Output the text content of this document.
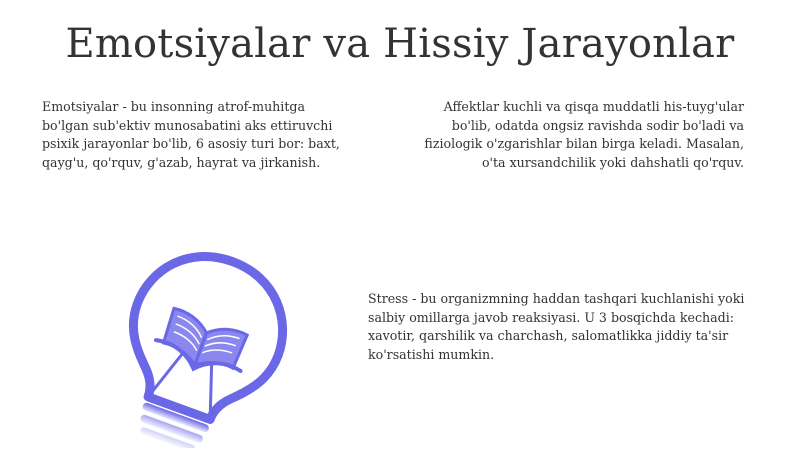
Emotsiyalar va Hissiy Jarayonlar
Emotsiyalar - bu insonning atrof-muhitga bo'lgan sub'ektiv munosabatini aks ettiruvchi psixik jarayonlar bo'lib, 6 asosiy turi bor: baxt, qayg'u, qo'rquv, g'azab, hayrat va jirkanish.
Affektlar kuchli va qisqa muddatli his-tuyg'ular bo'lib, odatda ongsiz ravishda sodir bo'ladi va fiziologik o'zgarishlar bilan birga keladi. Masalan, o'ta xursandchilik yoki dahshatli qo'rquv.
Stress - bu organizmning haddan tashqari kuchlanishi yoki salbiy omillarga javob reaksiyasi. U 3 bosqichda kechadi: xavotir, qarshilik va charchash, salomatlikka jiddiy ta'sir ko'rsatishi mumkin.
